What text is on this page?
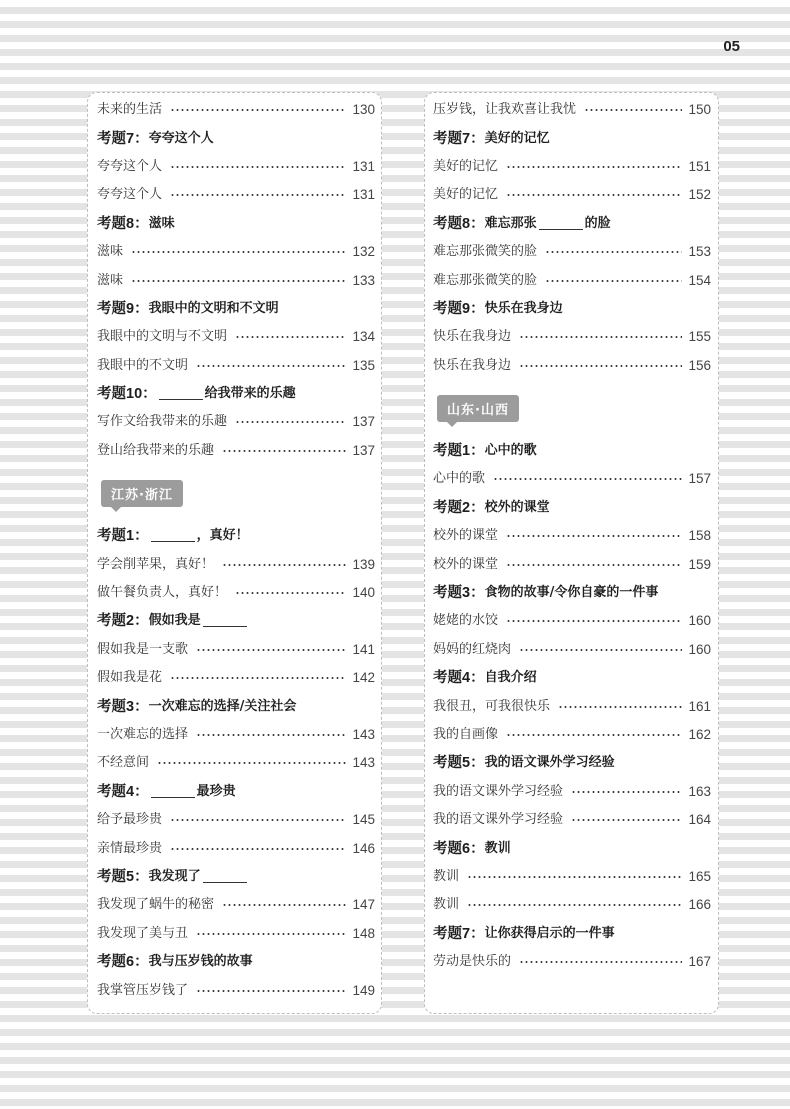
05
未来的生活	130
考题7： 夸夸这个人
夸夸这个人	131
夸夸这个人	131
考题8： 滋味
滋味	132
滋味	133
考题9： 我眼中的文明和不文明
我眼中的文明与不文明	134
我眼中的不文明	135
考题10：	给我带来的乐趣
写作文给我带来的乐趣	137
登山给我带来的乐趣	137
江苏·浙江
考题1：	，真好！
学会削苹果，真好！	139
做午餐负责人，真好！	140
考题2： 假如我是
假如我是一支歌	141
假如我是花	142
考题3： 一次难忘的选择/关注社会
一次难忘的选择	143
不经意间	143
考题4：	最珍贵
给予最珍贵	145
亲情最珍贵	146
考题5： 我发现了
我发现了蜗牛的秘密	147
我发现了美与丑	148
考题6： 我与压岁钱的故事
我掌管压岁钱了	149
压岁钱，让我欢喜让我忧	150
考题7： 美好的记忆
美好的记忆	151
美好的记忆	152
考题8： 难忘那张	的脸
难忘那张微笑的脸	153
难忘那张微笑的脸	154
考题9： 快乐在我身边
快乐在我身边	155
快乐在我身边	156
山东·山西
考题1： 心中的歌
心中的歌	157
考题2： 校外的课堂
校外的课堂	158
校外的课堂	159
考题3： 食物的故事/令你自豪的一件事
姥姥的水饺	160
妈妈的红烧肉	160
考题4： 自我介绍
我很丑，可我很快乐	161
我的自画像	162
考题5： 我的语文课外学习经验
我的语文课外学习经验	163
我的语文课外学习经验	164
考题6： 教训
教训	165
教训	166
考题7： 让你获得启示的一件事
劳动是快乐的	167
